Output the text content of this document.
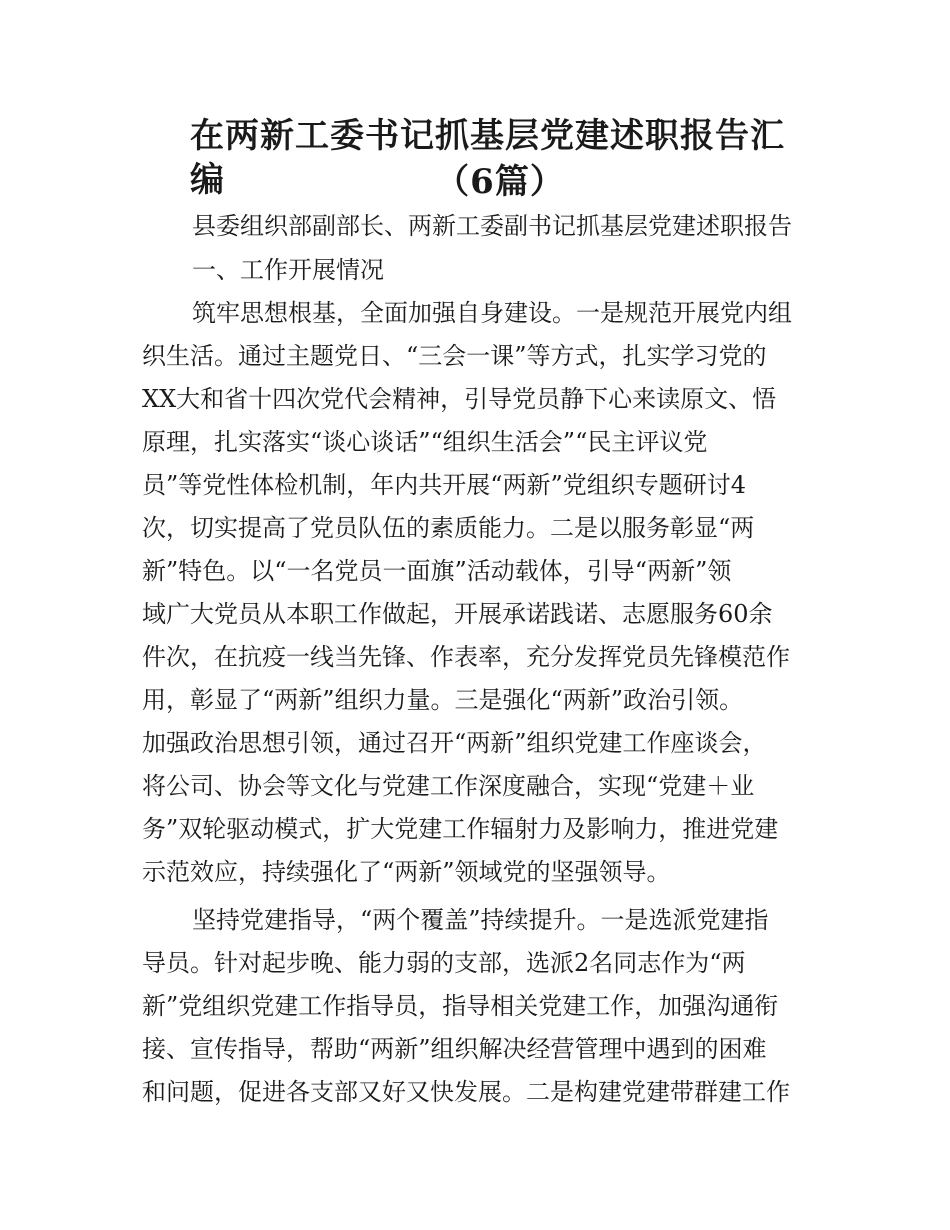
在两新工委书记抓基层党建述职报告汇编	（6篇）

县委组织部副部长、两新工委副书记抓基层党建述职报告

一、工作开展情况

筑牢思想根基，全面加强自身建设。一是规范开展党内组

织生活。通过主题党日、“三会一课”等方式，扎实学习党的

XX大和省十四次党代会精神，引导党员静下心来读原文、悟

原理，扎实落实“谈心谈话”“组织生活会”“民主评议党

员”等党性体检机制，年内共开展“两新”党组织专题研讨4

次，切实提高了党员队伍的素质能力。二是以服务彰显“两

新”特色。以“一名党员一面旗”活动载体，引导“两新”领

域广大党员从本职工作做起，开展承诺践诺、志愿服务60余

件次，在抗疫一线当先锋、作表率，充分发挥党员先锋模范作

用，彰显了“两新”组织力量。三是强化“两新”政治引领。

加强政治思想引领，通过召开“两新”组织党建工作座谈会，

将公司、协会等文化与党建工作深度融合，实现“党建＋业

务”双轮驱动模式，扩大党建工作辐射力及影响力，推进党建

示范效应，持续强化了“两新”领域党的坚强领导。

坚持党建指导，“两个覆盖”持续提升。一是选派党建指

导员。针对起步晚、能力弱的支部，选派2名同志作为“两

新”党组织党建工作指导员，指导相关党建工作，加强沟通衔

接、宣传指导，帮助“两新”组织解决经营管理中遇到的困难

和问题，促进各支部又好又快发展。二是构建党建带群建工作
